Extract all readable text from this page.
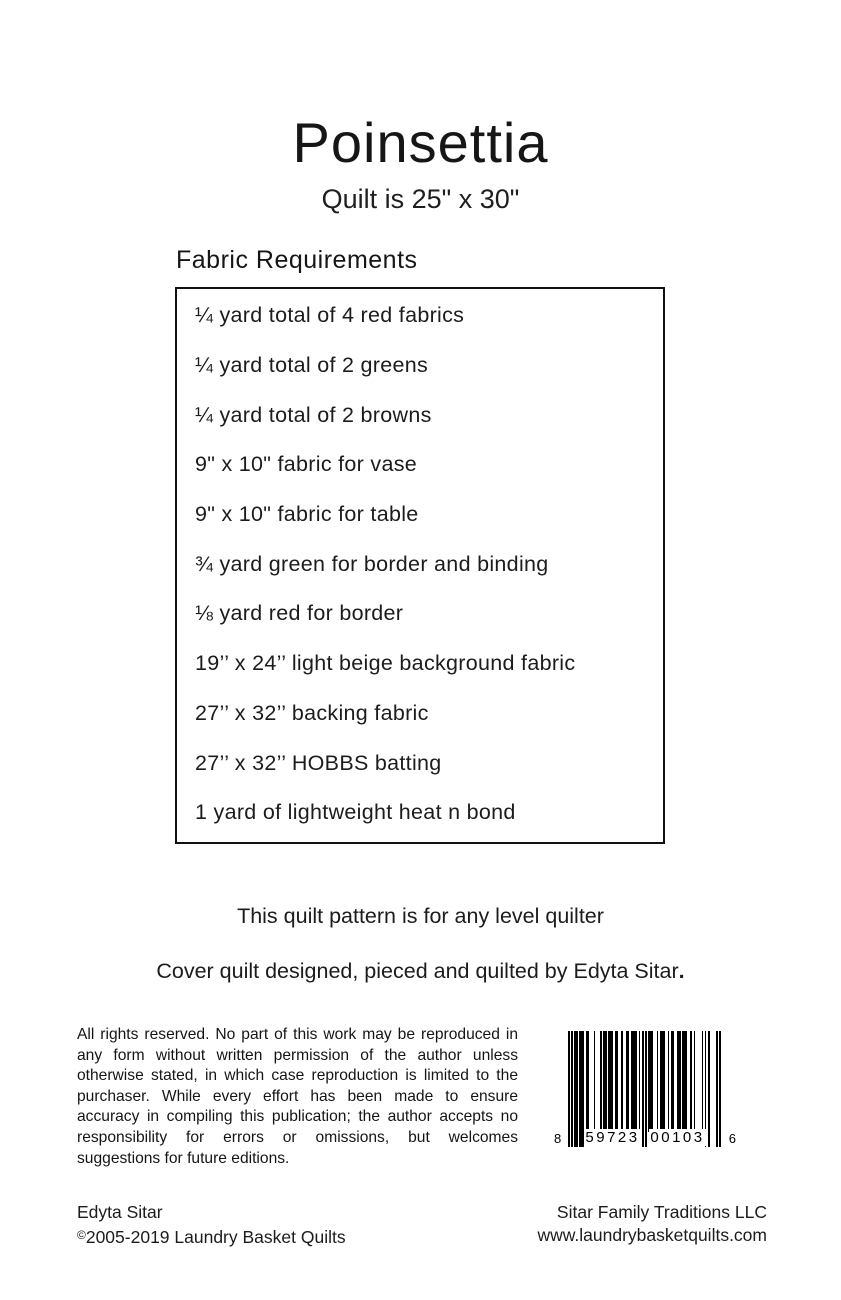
Poinsettia
Quilt is 25" x 30"
Fabric Requirements
¼ yard total of 4 red fabrics
¼ yard total of 2 greens
¼ yard total of 2 browns
9" x 10" fabric for vase
9" x 10" fabric for table
¾ yard green for border and binding
⅛ yard red for border
19’’ x 24’’ light beige background fabric
27’’ x 32’’ backing fabric
27’’ x 32’’ HOBBS batting
1 yard of lightweight heat n bond
This quilt pattern is for any level quilter
Cover quilt designed, pieced and quilted by Edyta Sitar.
All rights reserved. No part of this work may be reproduced in any form without written permission of the author unless otherwise stated, in which case reproduction is limited to the purchaser. While every effort has been made to ensure accuracy in compiling this publication; the author accepts no responsibility for errors or omissions, but welcomes suggestions for future editions.
8 59723 00103 6
Edyta Sitar
©2005-2019 Laundry Basket Quilts
Sitar Family Traditions LLC
www.laundrybasketquilts.com
